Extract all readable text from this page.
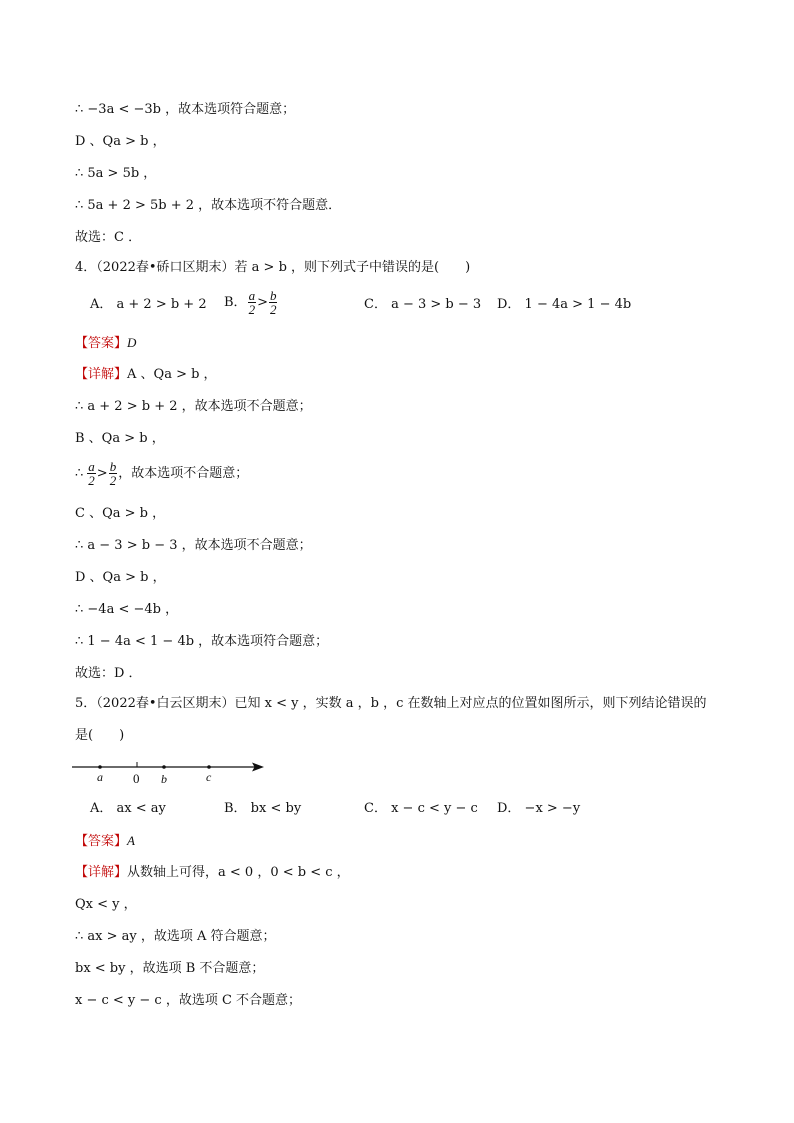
∴ −3a < −3b ，故本选项符合题意；
D 、Qa > b ，
∴ 5a > 5b ，
∴ 5a + 2 > 5b + 2 ，故本选项不符合题意．
故选：C ．
4．（2022春•硚口区期末）若 a > b ，则下列式子中错误的是(　　)
A． a + 2 > b + 2 B． $\frac{a}{2} > \frac{b}{2}$	C． a − 3 > b − 3 D． 1 − 4a > 1 − 4b
【答案】D
【详解】A 、Qa > b ，
∴ a + 2 > b + 2 ，故本选项不合题意；
B 、Qa > b ，
∴ $\frac{a}{2} > \frac{b}{2}$ ，故本选项不合题意；
C 、Qa > b ，
∴ a − 3 > b − 3 ，故本选项不合题意；
D 、Qa > b ，
∴ −4a < −4b ，
∴ 1 − 4a < 1 − 4b ，故本选项符合题意；
故选：D ．
5．（2022春•白云区期末）已知 x < y ，实数 a ，b ，c 在数轴上对应点的位置如图所示，则下列结论错误的
是(　　)
a 0 b	c
A． ax < ay	B． bx < by	C． x − c < y − c D． −x > −y
【答案】A
【详解】从数轴上可得，a < 0 ，0 < b < c ，
Qx < y ，
∴ ax > ay ，故选项 A 符合题意；
bx < by ，故选项 B 不合题意；
x − c < y − c ，故选项 C 不合题意；
